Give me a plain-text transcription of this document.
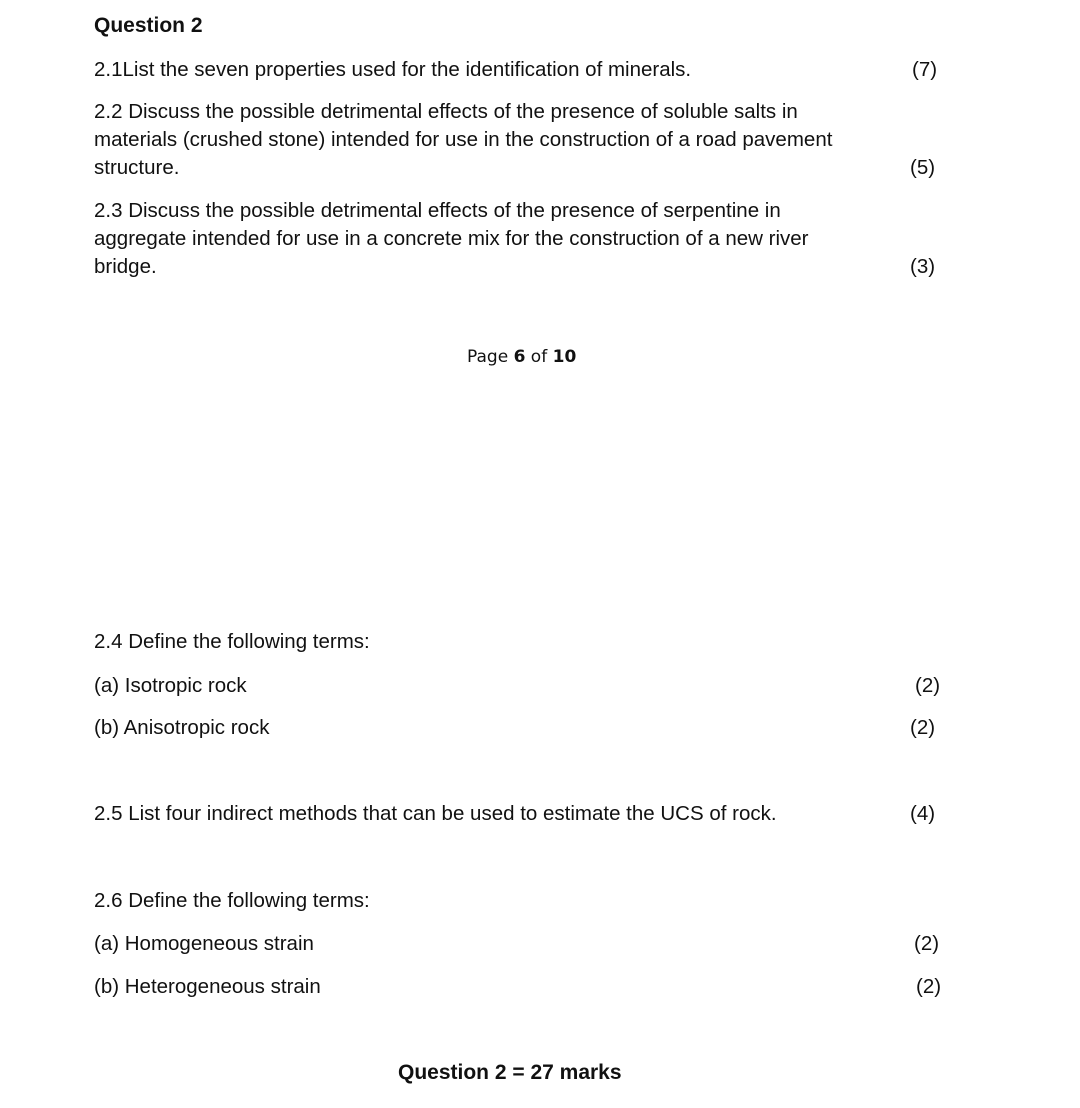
Question 2
2.1List the seven properties used for the identification of minerals.	(7)
2.2 Discuss the possible detrimental effects of the presence of soluble salts in
materials (crushed stone) intended for use in the construction of a road pavement
structure.	(5)
2.3 Discuss the possible detrimental effects of the presence of serpentine in
aggregate intended for use in a concrete mix for the construction of a new river
bridge.	(3)
Page 6 of 10
2.4 Define the following terms:
(a) Isotropic rock	(2)
(b) Anisotropic rock	(2)
2.5 List four indirect methods that can be used to estimate the UCS of rock.	(4)
2.6 Define the following terms:
(a) Homogeneous strain	(2)
(b) Heterogeneous strain	(2)
Question 2 = 27 marks
